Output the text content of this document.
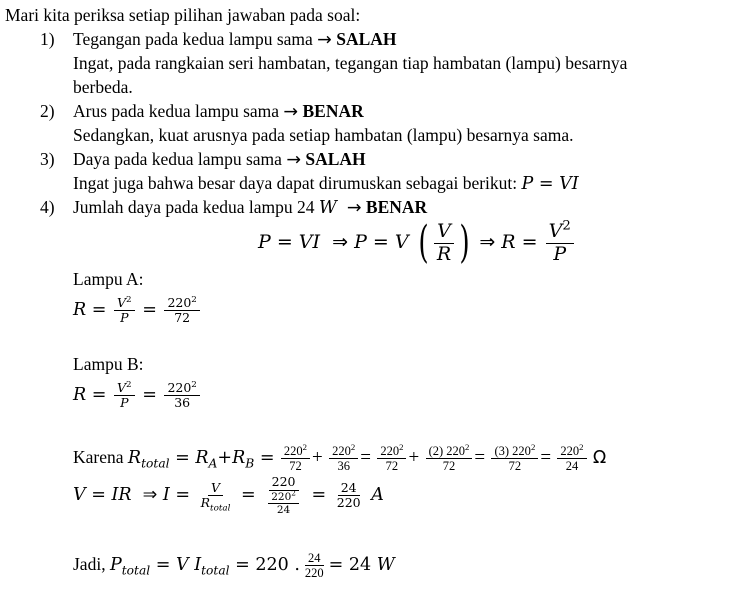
Mari kita periksa setiap pilihan jawaban pada soal:
1) Tegangan pada kedua lampu sama → SALAH
Ingat, pada rangkaian seri hambatan, tegangan tiap hambatan (lampu) besarnya
berbeda.
2) Arus pada kedua lampu sama → BENAR
Sedangkan, kuat arusnya pada setiap hambatan (lampu) besarnya sama.
3) Daya pada kedua lampu sama → SALAH
Ingat juga bahwa besar daya dapat dirumuskan sebagai berikut: P = VI
4) Jumlah daya pada kedua lampu 24 W  → BENAR
P = VI  ⇒ P = V ( $\frac{V}{R}$ ) ⇒ $R = \frac{V^2}{P}$
Lampu A:
$R = \frac{V^2}{P} = \frac{220^2}{72}$
Lampu B:
$R = \frac{V^2}{P} = \frac{220^2}{36}$
Karena $R_{total} = R_A+R_B = \frac{220^2}{72} + \frac{220^2}{36} = \frac{220^2}{72} + \frac{(2) 220^2}{72} = \frac{(3) 220^2}{72} = \frac{220^2}{24}$ Ω
V = IR  ⇒ $I = \frac{V}{R_{total}} = \frac{220}{\frac{220^2}{24}} = \frac{24}{220}$ A
Jadi, $P_{total} = V$ $I_{total} = 220$ . $\frac{24}{220} = 24$ W
